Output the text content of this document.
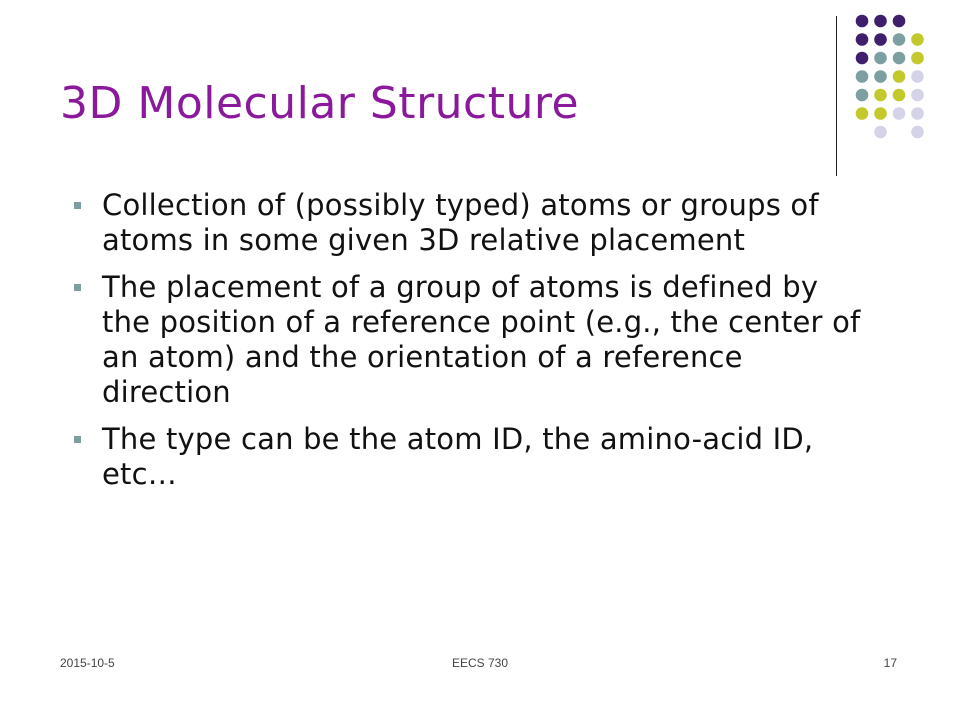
3D Molecular Structure
Collection of (possibly typed) atoms or groups of atoms in some given 3D relative placement
The placement of a group of atoms is defined by the position of a reference point (e.g., the center of an atom) and the orientation of a reference direction
The type can be the atom ID, the amino-acid ID, etc…
2015-10-5	EECS 730	17
